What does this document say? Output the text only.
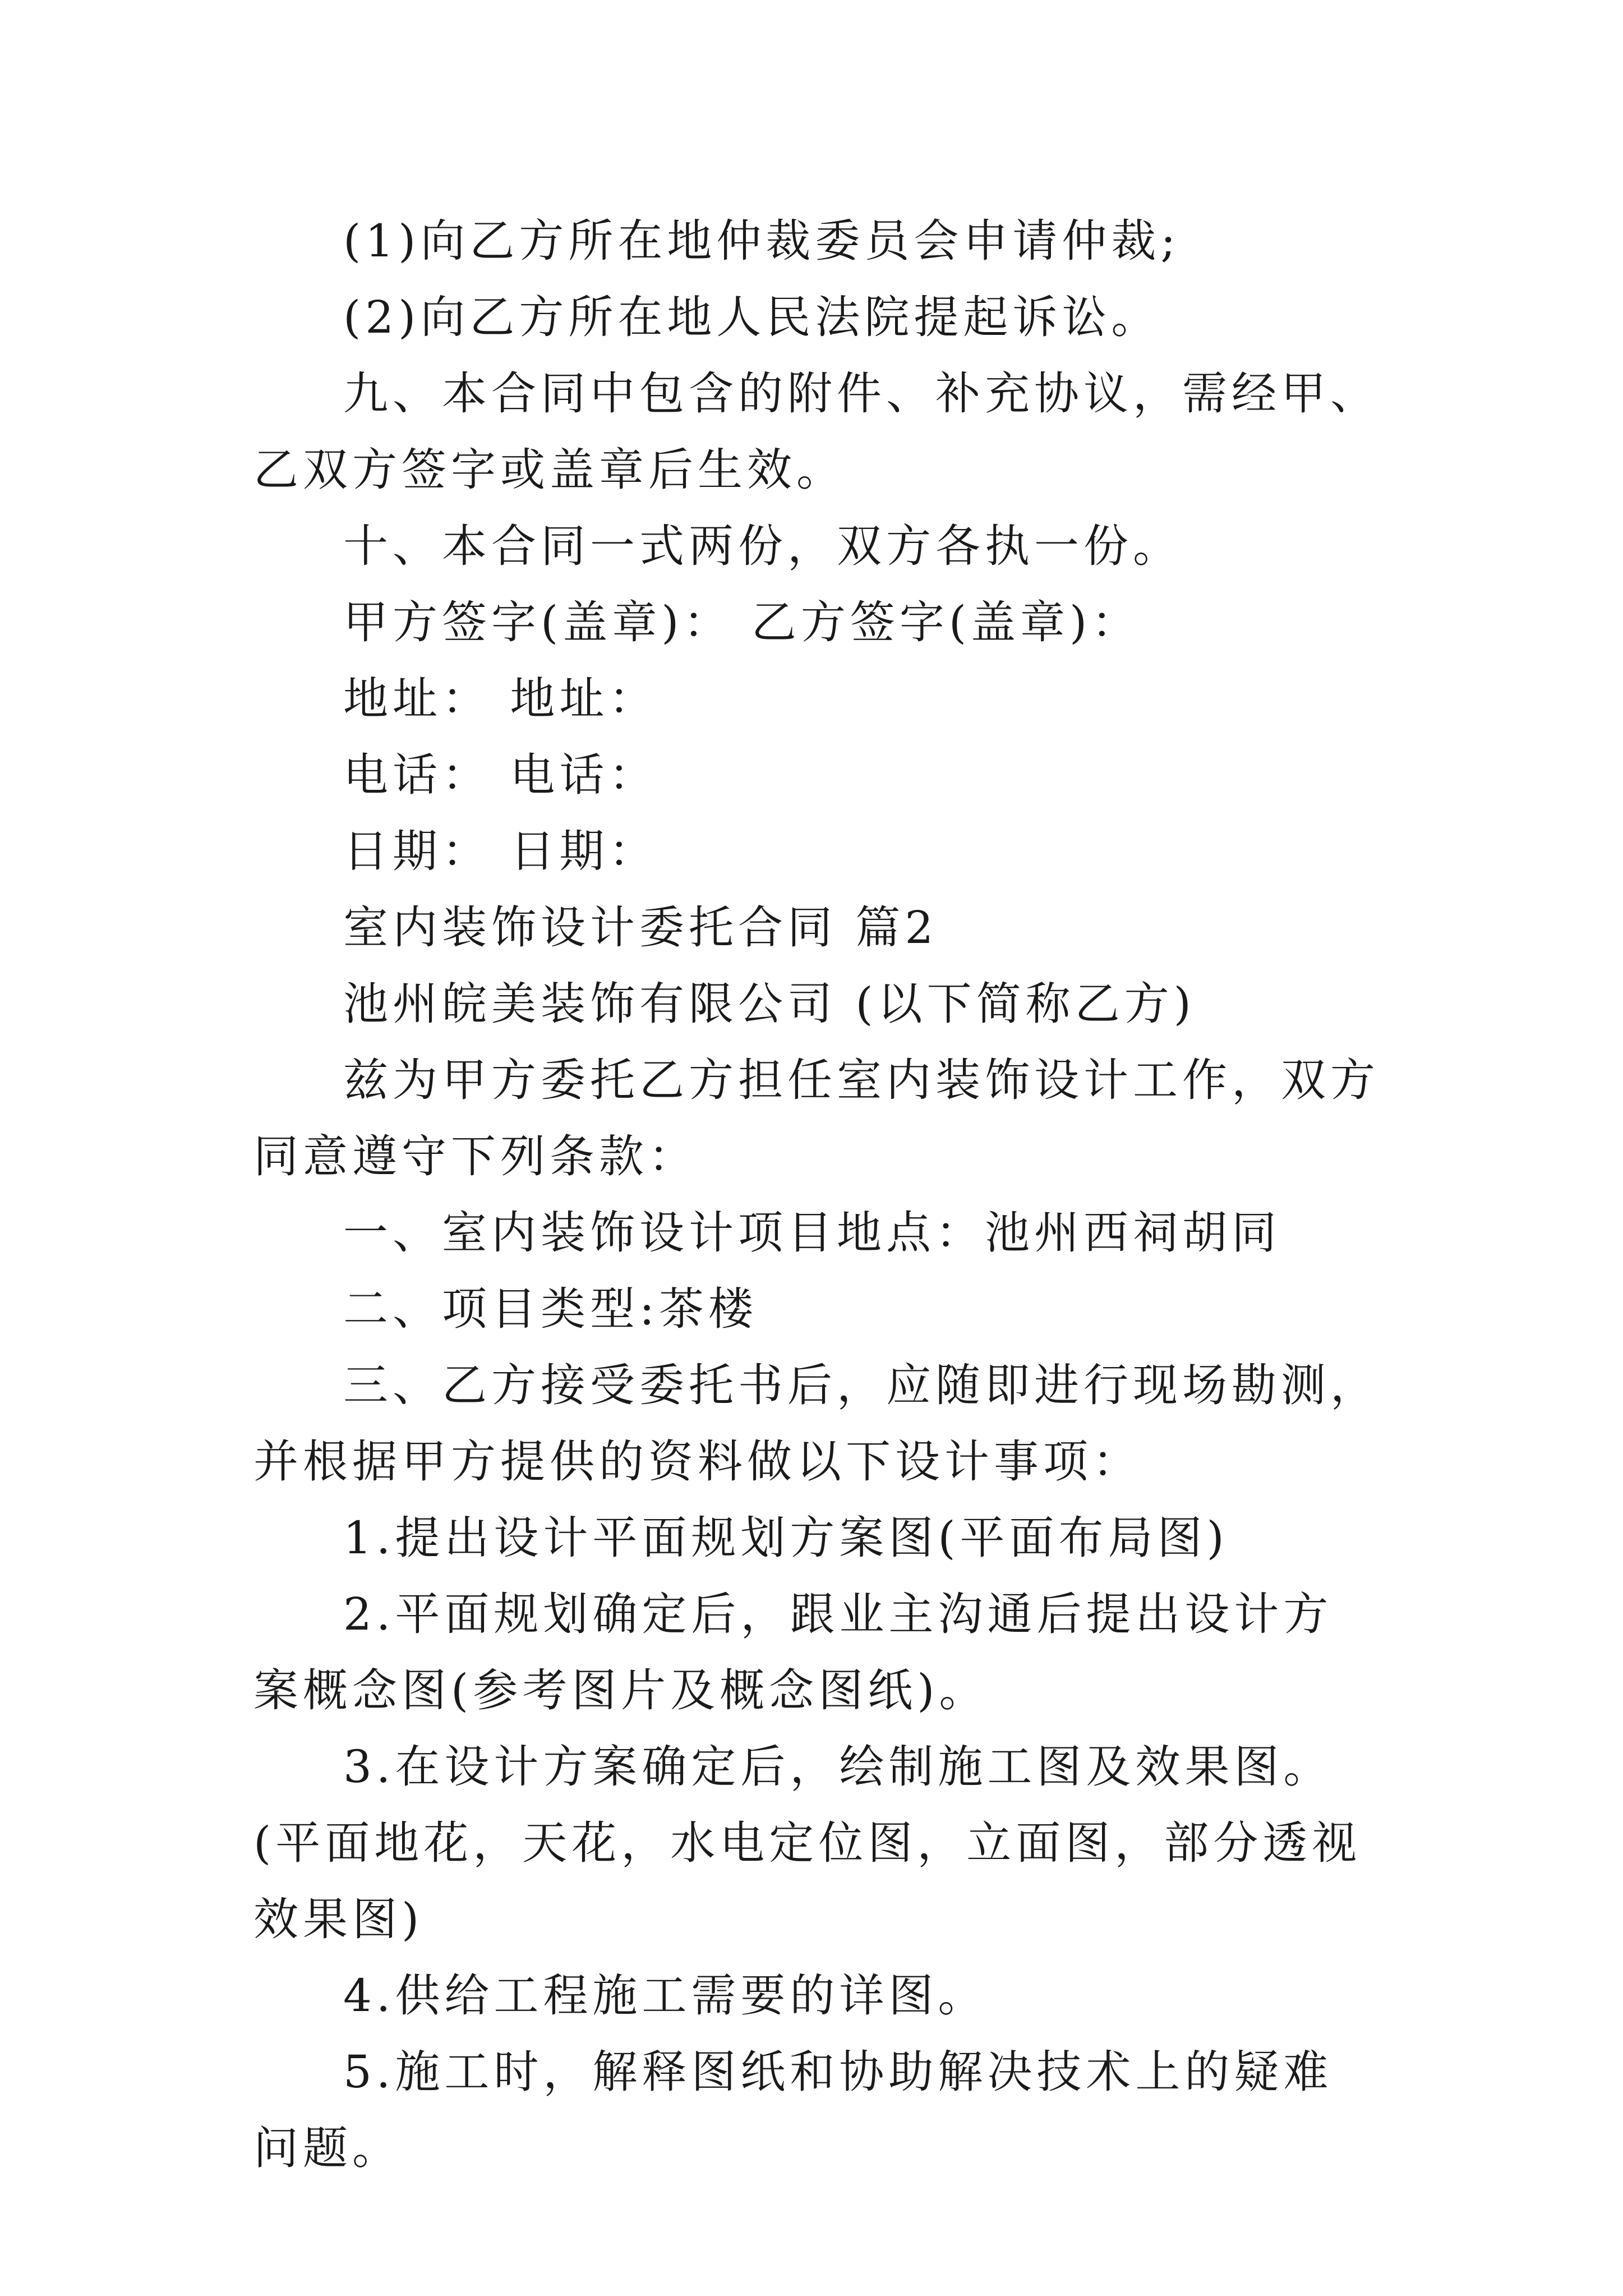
(1)向乙方所在地仲裁委员会申请仲裁;

(2)向乙方所在地人民法院提起诉讼。

九、本合同中包含的附件、补充协议，需经甲、乙双方签字或盖章后生效。

十、本合同一式两份，双方各执一份。

甲方签字(盖章)： 乙方签字(盖章)：

地址： 地址：

电话： 电话：

日期： 日期：

室内装饰设计委托合同 篇2

池州皖美装饰有限公司 (以下简称乙方)

兹为甲方委托乙方担任室内装饰设计工作，双方同意遵守下列条款：

一、室内装饰设计项目地点：池州西祠胡同

二、项目类型:茶楼

三、乙方接受委托书后，应随即进行现场勘测，并根据甲方提供的资料做以下设计事项：

1.提出设计平面规划方案图(平面布局图)

2.平面规划确定后，跟业主沟通后提出设计方案概念图(参考图片及概念图纸)。

3.在设计方案确定后，绘制施工图及效果图。(平面地花，天花，水电定位图，立面图，部分透视效果图)

4.供给工程施工需要的详图。

5.施工时，解释图纸和协助解决技术上的疑难问题。
